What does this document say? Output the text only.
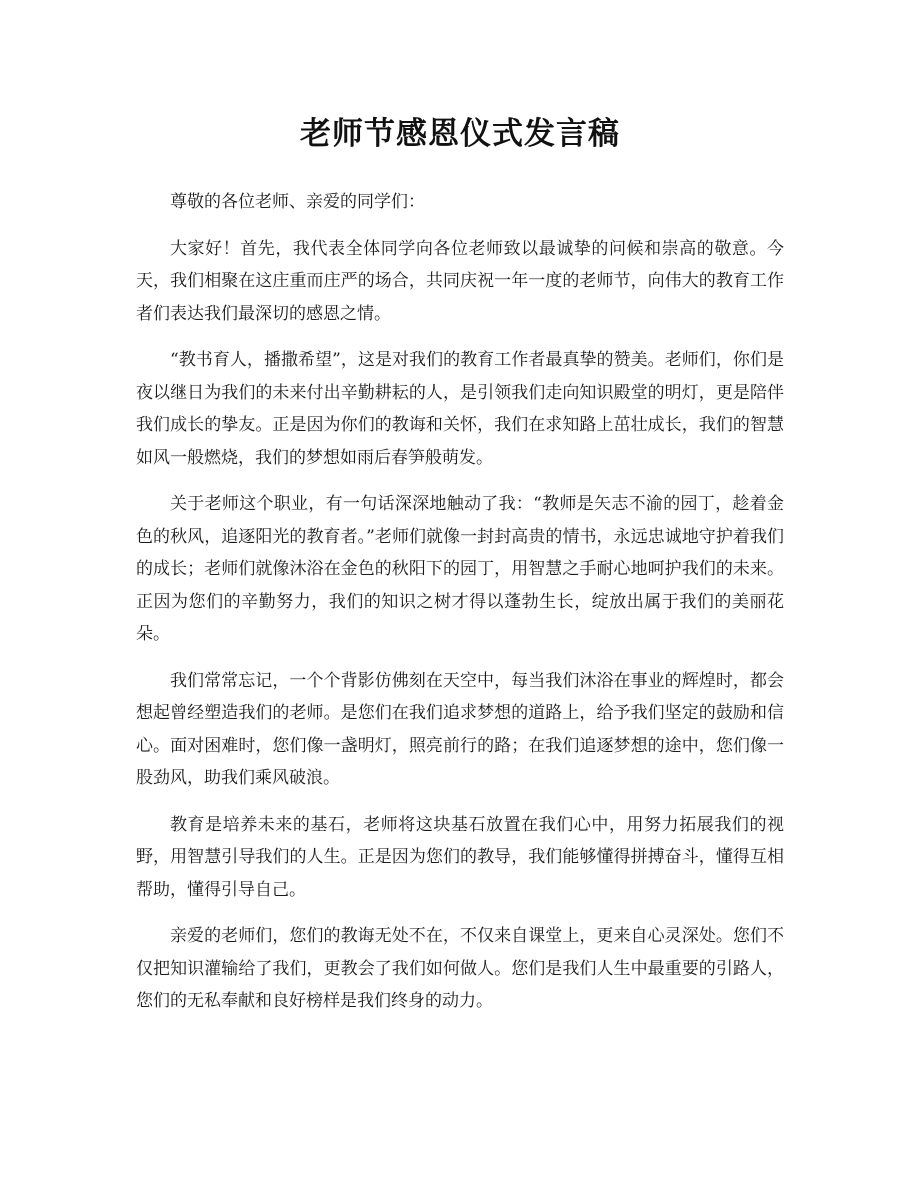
老师节感恩仪式发言稿

尊敬的各位老师、亲爱的同学们：

大家好！首先，我代表全体同学向各位老师致以最诚挚的问候和崇高的敬意。今天，我们相聚在这庄重而庄严的场合，共同庆祝一年一度的老师节，向伟大的教育工作者们表达我们最深切的感恩之情。

“教书育人，播撒希望”，这是对我们的教育工作者最真挚的赞美。老师们，你们是夜以继日为我们的未来付出辛勤耕耘的人，是引领我们走向知识殿堂的明灯，更是陪伴我们成长的挚友。正是因为你们的教诲和关怀，我们在求知路上茁壮成长，我们的智慧如风一般燃烧，我们的梦想如雨后春笋般萌发。

关于老师这个职业，有一句话深深地触动了我：“教师是矢志不渝的园丁，趁着金色的秋风，追逐阳光的教育者。”老师们就像一封封高贵的情书，永远忠诚地守护着我们的成长；老师们就像沐浴在金色的秋阳下的园丁，用智慧之手耐心地呵护我们的未来。正因为您们的辛勤努力，我们的知识之树才得以蓬勃生长，绽放出属于我们的美丽花朵。

我们常常忘记，一个个背影仿佛刻在天空中，每当我们沐浴在事业的辉煌时，都会想起曾经塑造我们的老师。是您们在我们追求梦想的道路上，给予我们坚定的鼓励和信心。面对困难时，您们像一盏明灯，照亮前行的路；在我们追逐梦想的途中，您们像一股劲风，助我们乘风破浪。

教育是培养未来的基石，老师将这块基石放置在我们心中，用努力拓展我们的视野，用智慧引导我们的人生。正是因为您们的教导，我们能够懂得拼搏奋斗，懂得互相帮助，懂得引导自己。

亲爱的老师们，您们的教诲无处不在，不仅来自课堂上，更来自心灵深处。您们不仅把知识灌输给了我们，更教会了我们如何做人。您们是我们人生中最重要的引路人，您们的无私奉献和良好榜样是我们终身的动力。
